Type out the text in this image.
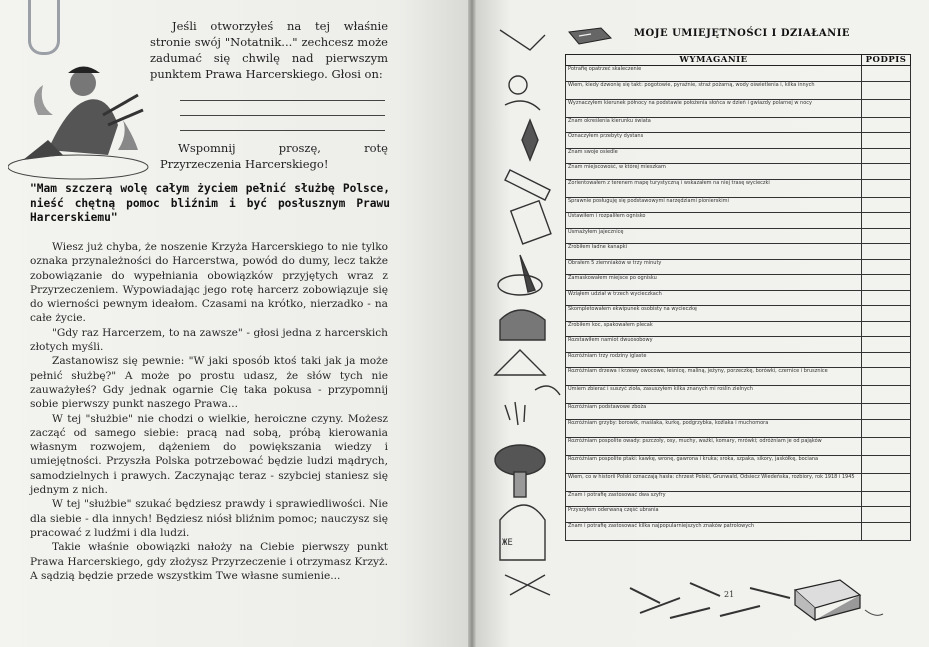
Jeśli otworzyłeś na tej właśnie stronie swój "Notatnik..." zechcesz może zadumać się chwilę nad pierwszym punktem Prawa Harcerskiego. Głosi on:

Wspomnij proszę, rotę Przyrzeczenia Harcerskiego!

"Mam szczerą wolę całym życiem pełnić służbę Polsce, nieść chętną pomoc bliźnim i być posłusznym Prawu Harcerskiemu"

Wiesz już chyba, że noszenie Krzyża Harcerskiego to nie tylko oznaka przynależności do Harcerstwa, powód do dumy, lecz także zobowiązanie do wypełniania obowiązków przyjętych wraz z Przyrzeczeniem. Wypowiadając jego rotę harcerz zobowiązuje się do wierności pewnym ideałom. Czasami na krótko, nierzadko - na całe życie.

"Gdy raz Harcerzem, to na zawsze" - głosi jedna z harcerskich złotych myśli.

Zastanowisz się pewnie: "W jaki sposób ktoś taki jak ja może pełnić służbę?" A może po prostu udasz, że słów tych nie zauważyłeś? Gdy jednak ogarnie Cię taka pokusa - przypomnij sobie pierwszy punkt naszego Prawa...

W tej "służbie" nie chodzi o wielkie, heroiczne czyny. Możesz zacząć od samego siebie: pracą nad sobą, próbą kierowania własnym rozwojem, dążeniem do powiększania wiedzy i umiejętności. Przyszła Polska potrzebować będzie ludzi mądrych, samodzielnych i prawych. Zaczynając teraz - szybciej staniesz się jednym z nich.

W tej "służbie" szukać będziesz prawdy i sprawiedliwości. Nie dla siebie - dla innych! Będziesz niósł bliźnim pomoc; nauczysz się pracować z ludźmi i dla ludzi.

Takie właśnie obowiązki nałoży na Ciebie pierwszy punkt Prawa Harcerskiego, gdy złożysz Przyrzeczenie i otrzymasz Krzyż. A sądzią będzie przede wszystkim Twe własne sumienie...

ЖЕ
MOJE UMIEJĘTNOŚCI I DZIAŁANIE
WYMAGANIE	PODPIS
Potrafię opatrzeć skaleczenie	
Wiem, kiedy dzwonię się takt: pogotowie, pyrażnie, straż pożarną, wody oświetlenia i, kilka innych	
Wyznaczyłem kierunek północy na podstawie położenia słońca w dzień i gwiazdy polarnej w nocy	
Znam określenia kierunku świata	
Oznaczyłem przebyty dystans	
Znam swoje osiedle	
Znam miejscowość, w której mieszkam	
Zorientowałem z terenem mapę turystyczną i wskazałem na niej trasę wycieczki	
Sprawnie posługuję się podstawowymi narzędziami pionierskimi	
Ustawiłem i rozpaliłem ognisko	
Usmażyłem jajecznicę	
Zrobiłem ładne kanapki	
Obrałem 5 ziemniaków w trzy minuty	
Zamaskowałem miejsce po ognisku	
Wziąłem udział w trzech wycieczkach	
Skompletowałem ekwipunek osobisty na wycieczkę	
Zrobiłem koc, spakowałem plecak	
Rozstawiłem namiot dwuosobowy	
Rozróżniam trzy rodziny iglaste	
Rozróżniam drzewa i krzewy owocowe, leśnicę, maliną, jeżyny, porzeczkę, borówki, czernice i brusznice	
Umiem zbierać i suszyć zioła, zasuszyłem kilka znanych mi roślin zielnych	
Rozróżniam podstawowe zboża	
Rozróżniam grzyby: borowik, maślaka, kurkę, podgrzybka, koźlaka i muchomora	
Rozróżniam pospolite owady: pszczoły, osy, muchy, ważki, komary, mrówki; odróżniam je od pająków	
Rozróżniam pospolite ptaki: kawkę, wronę, gawrona i kruka; sroka, szpaka, sikory, jaskółkę, bociana	
Wiem, co w historii Polski oznaczają hasła: chrzest Polski, Grunwald, Odsiecz Wiedeńska, rozbiory, rok 1918 i 1945	
Znam i potrafię zastosować dwa szyfry	
Przyszyłem oderwaną część ubrania	
Znam i potrafię zastosować kilka najpopularniejszych znaków patrolowych	
21
